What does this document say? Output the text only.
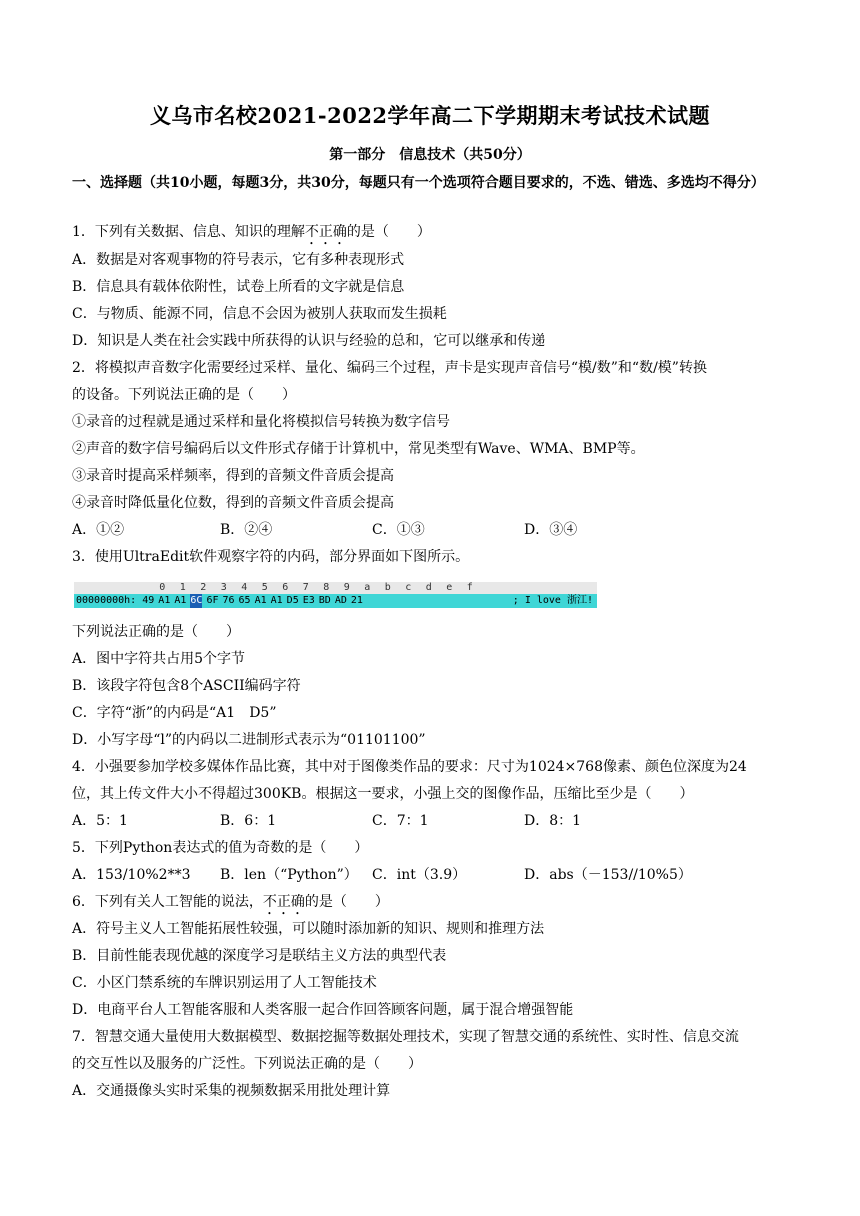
义乌市名校2021-2022学年高二下学期期末考试技术试题
第一部分　信息技术（共50分）
一、选择题（共10小题，每题3分，共30分，每题只有一个选项符合题目要求的，不选、错选、多选均不得分）
1．下列有关数据、信息、知识的理解不正确的是（　　）
A．数据是对客观事物的符号表示，它有多种表现形式
B．信息具有载体依附性，试卷上所看的文字就是信息
C．与物质、能源不同，信息不会因为被别人获取而发生损耗
D．知识是人类在社会实践中所获得的认识与经验的总和，它可以继承和传递
2．将模拟声音数字化需要经过采样、量化、编码三个过程，声卡是实现声音信号“模/数”和“数/模”转换
的设备。下列说法正确的是（　　）
①录音的过程就是通过采样和量化将模拟信号转换为数字信号
②声音的数字信号编码后以文件形式存储于计算机中，常见类型有Wave、WMA、BMP等。
③录音时提高采样频率，得到的音频文件音质会提高
④录音时降低量化位数，得到的音频文件音质会提高
A．①②	B．②④	C．①③	D．③④
3．使用UltraEdit软件观察字符的内码，部分界面如下图所示。
0 1 2 3 4 5 6 7 8 9 a b c d e f
00000000h: 49 A1 A1 6C 6F 76 65 A1 A1 D5 E3 BD AD 21	; I love 浙江!
下列说法正确的是（　　）
A．图中字符共占用5个字节
B．该段字符包含8个ASCII编码字符
C．字符“浙”的内码是“A1　D5”
D．小写字母“l”的内码以二进制形式表示为“01101100”
4．小强要参加学校多媒体作品比赛，其中对于图像类作品的要求：尺寸为1024×768像素、颜色位深度为24
位，其上传文件大小不得超过300KB。根据这一要求，小强上交的图像作品，压缩比至少是（　　）
A．5：1	B．6：1	C．7：1	D．8：1
5．下列Python表达式的值为奇数的是（　　）
A．153/10%2**3 B．len（“Python”） C．int（3.9）	D．abs（－153//10%5）
6．下列有关人工智能的说法，不正确的是（　　）
A．符号主义人工智能拓展性较强，可以随时添加新的知识、规则和推理方法
B．目前性能表现优越的深度学习是联结主义方法的典型代表
C．小区门禁系统的车牌识别运用了人工智能技术
D．电商平台人工智能客服和人类客服一起合作回答顾客问题，属于混合增强智能
7．智慧交通大量使用大数据模型、数据挖掘等数据处理技术，实现了智慧交通的系统性、实时性、信息交流
的交互性以及服务的广泛性。下列说法正确的是（　　）
A．交通摄像头实时采集的视频数据采用批处理计算
